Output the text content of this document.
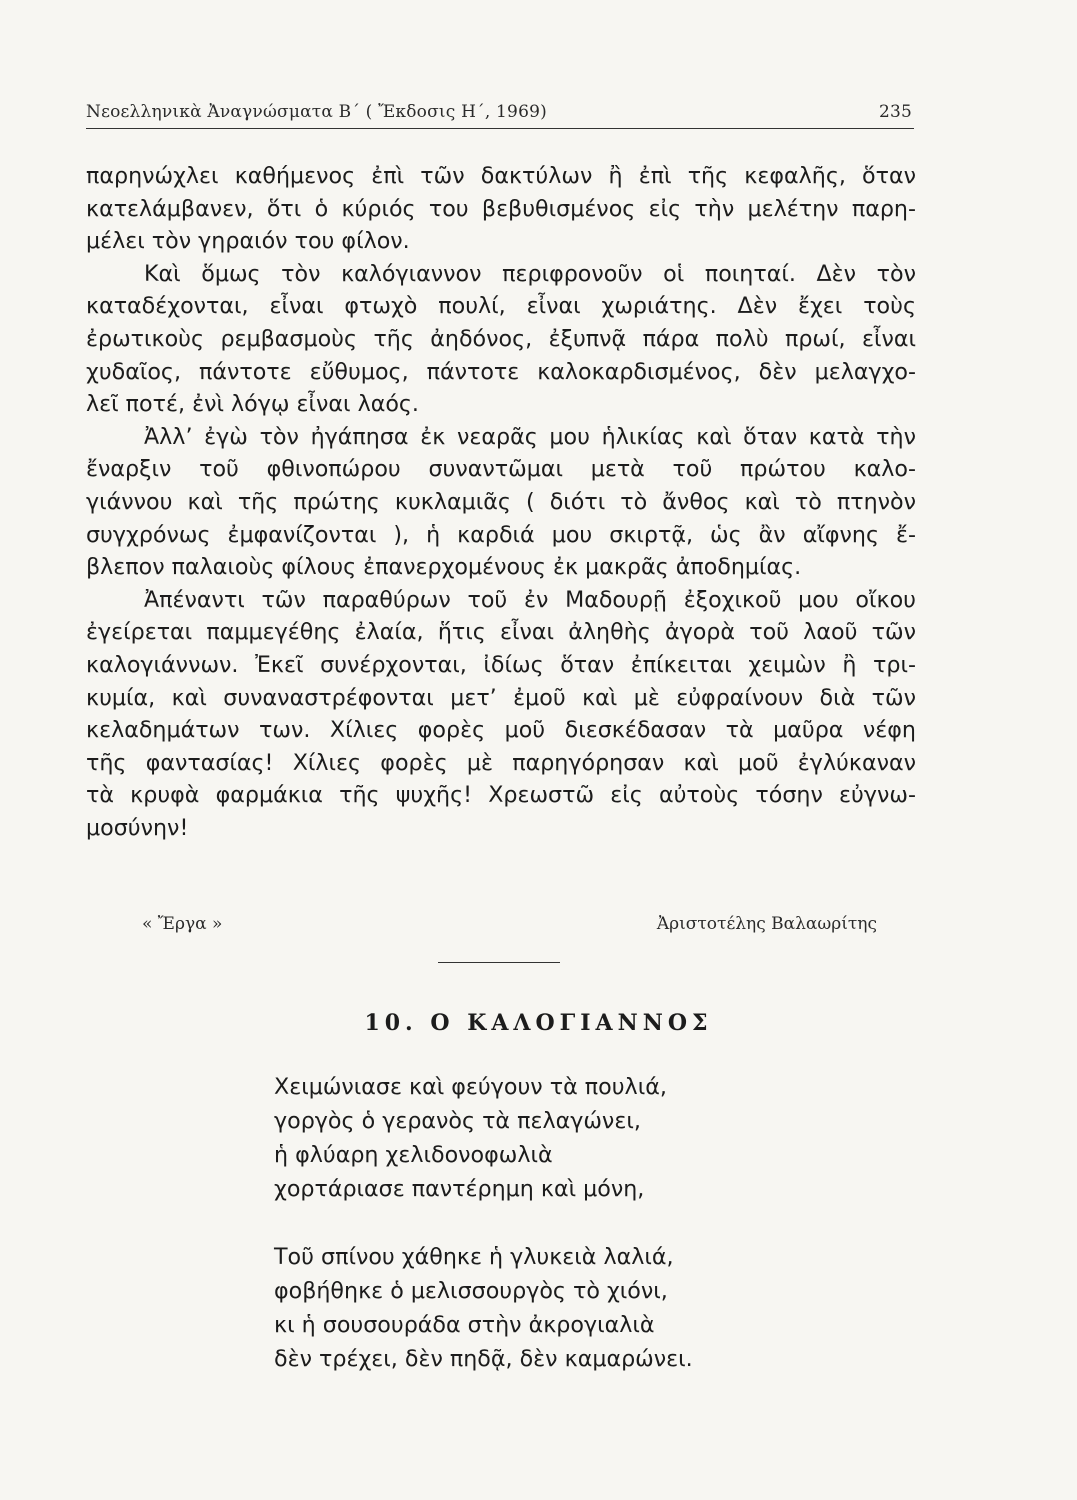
Νεοελληνικὰ Ἀναγνώσματα Β΄ ( Ἔκδοσις Η΄, 1969)	235
παρηνώχλει καθήμενος ἐπὶ τῶν δακτύλων ἢ ἐπὶ τῆς κεφαλῆς, ὅταν
κατελάμβανεν, ὅτι ὁ κύριός του βεβυθισμένος εἰς τὴν μελέτην παρη-
μέλει τὸν γηραιόν του φίλον.
Καὶ ὅμως τὸν καλόγιαννον περιφρονοῦν οἱ ποιηταί. Δὲν τὸν
καταδέχονται, εἶναι φτωχὸ πουλί, εἶναι χωριάτης. Δὲν ἔχει τοὺς
ἐρωτικοὺς ρεμβασμοὺς τῆς ἀηδόνος, ἐξυπνᾷ πάρα πολὺ πρωί, εἶναι
χυδαῖος, πάντοτε εὔθυμος, πάντοτε καλοκαρδισμένος, δὲν μελαγχο-
λεῖ ποτέ, ἐνὶ λόγῳ εἶναι λαός.
Ἀλλ’ ἐγὼ τὸν ἠγάπησα ἐκ νεαρᾶς μου ἡλικίας καὶ ὅταν κατὰ τὴν
ἔναρξιν τοῦ φθινοπώρου συναντῶμαι μετὰ τοῦ πρώτου καλο-
γιάννου καὶ τῆς πρώτης κυκλαμιᾶς ( διότι τὸ ἄνθος καὶ τὸ πτηνὸν
συγχρόνως ἐμφανίζονται ), ἡ καρδιά μου σκιρτᾷ, ὡς ἂν αἴφνης ἔ-
βλεπον παλαιοὺς φίλους ἐπανερχομένους ἐκ μακρᾶς ἀποδημίας.
Ἀπέναντι τῶν παραθύρων τοῦ ἐν Μαδουρῇ ἐξοχικοῦ μου οἴκου
ἐγείρεται παμμεγέθης ἐλαία, ἥτις εἶναι ἀληθὴς ἀγορὰ τοῦ λαοῦ τῶν
καλογιάννων. Ἐκεῖ συνέρχονται, ἰδίως ὅταν ἐπίκειται χειμὼν ἢ τρι-
κυμία, καὶ συναναστρέφονται μετ’ ἐμοῦ καὶ μὲ εὐφραίνουν διὰ τῶν
κελαδημάτων των. Χίλιες φορὲς μοῦ διεσκέδασαν τὰ μαῦρα νέφη
τῆς φαντασίας! Χίλιες φορὲς μὲ παρηγόρησαν καὶ μοῦ ἐγλύκαναν
τὰ κρυφὰ φαρμάκια τῆς ψυχῆς! Χρεωστῶ εἰς αὐτοὺς τόσην εὐγνω-
μοσύνην!
« Ἔργα »	Ἀριστοτέλης Βαλαωρίτης
10. Ο ΚΑΛΟΓΙΑΝΝΟΣ
Χειμώνιασε καὶ φεύγουν τὰ πουλιά,
γοργὸς ὁ γερανὸς τὰ πελαγώνει,
ἡ φλύαρη χελιδονοφωλιὰ
χορτάριασε παντέρημη καὶ μόνη,
Τοῦ σπίνου χάθηκε ἡ γλυκειὰ λαλιά,
φοβήθηκε ὁ μελισσουργὸς τὸ χιόνι,
κι ἡ σουσουράδα στὴν ἀκρογιαλιὰ
δὲν τρέχει, δὲν πηδᾷ, δὲν καμαρώνει.
